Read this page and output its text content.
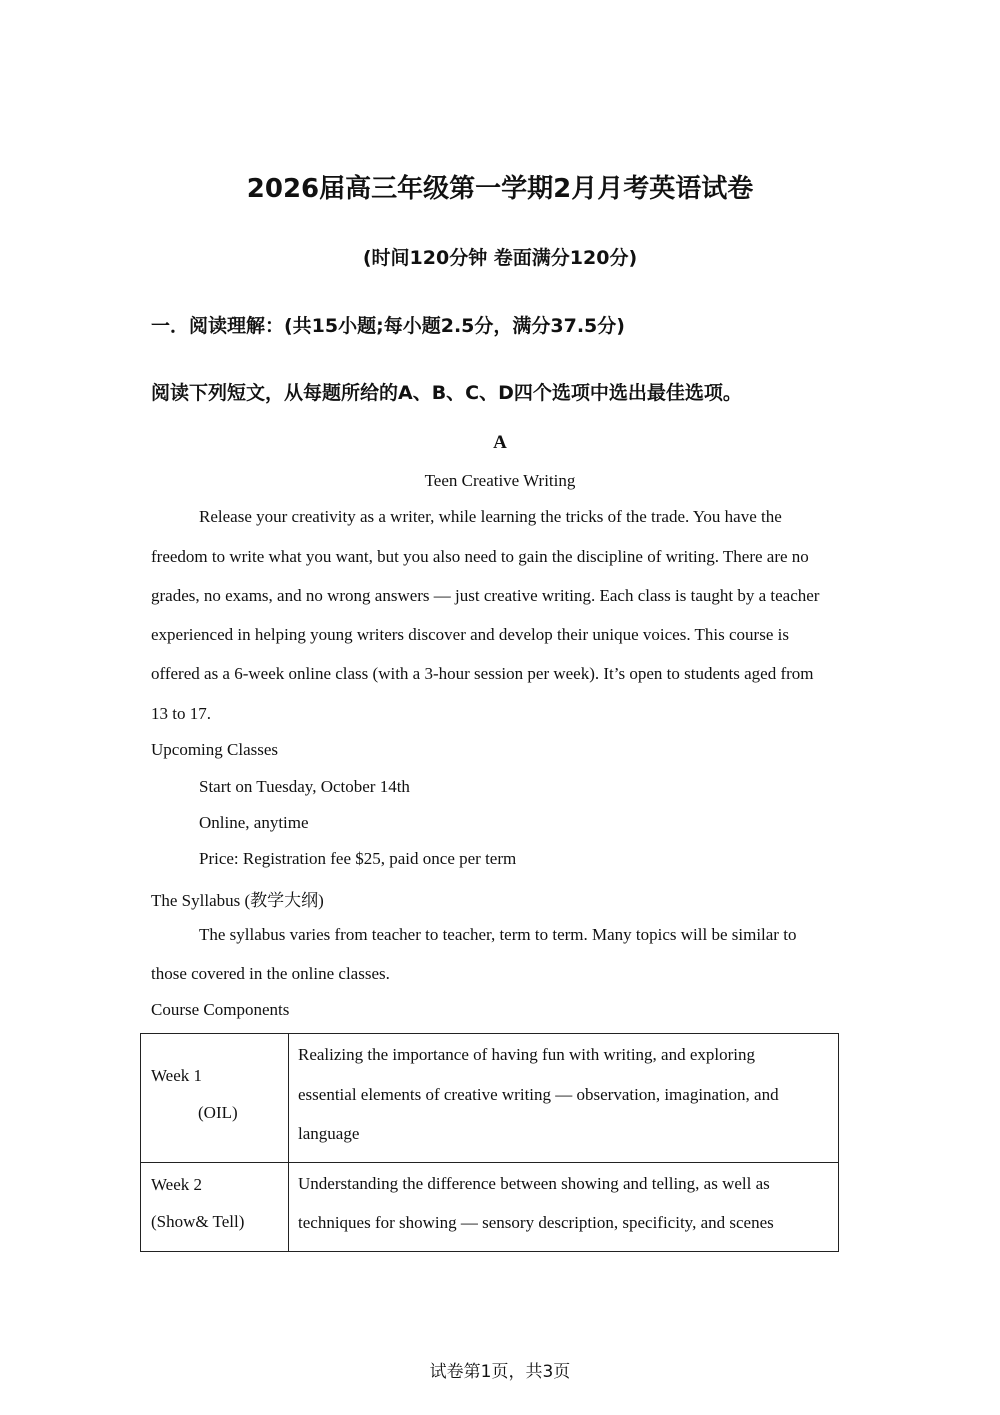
2026届高三年级第一学期2月月考英语试卷
(时间120分钟 卷面满分120分)
一．阅读理解：(共15小题;每小题2.5分，满分37.5分)
阅读下列短文，从每题所给的A、B、C、D四个选项中选出最佳选项。
A
Teen Creative Writing
Release your creativity as a writer, while learning the tricks of the trade. You have the
freedom to write what you want, but you also need to gain the discipline of writing. There are no
grades, no exams, and no wrong answers — just creative writing. Each class is taught by a teacher
experienced in helping young writers discover and develop their unique voices. This course is
offered as a 6-week online class (with a 3-hour session per week). It’s open to students aged from
13 to 17.
Upcoming Classes
Start on Tuesday, October 14th
Online, anytime
Price: Registration fee $25, paid once per term
The Syllabus (教学大纲)
The syllabus varies from teacher to teacher, term to term. Many topics will be similar to
those covered in the online classes.
Course Components
Week 1
(OIL)
Realizing the importance of having fun with writing, and exploring
essential elements of creative writing — observation, imagination, and
language
Week 2
(Show& Tell)
Understanding the difference between showing and telling, as well as
techniques for showing — sensory description, specificity, and scenes
试卷第1页，共3页
